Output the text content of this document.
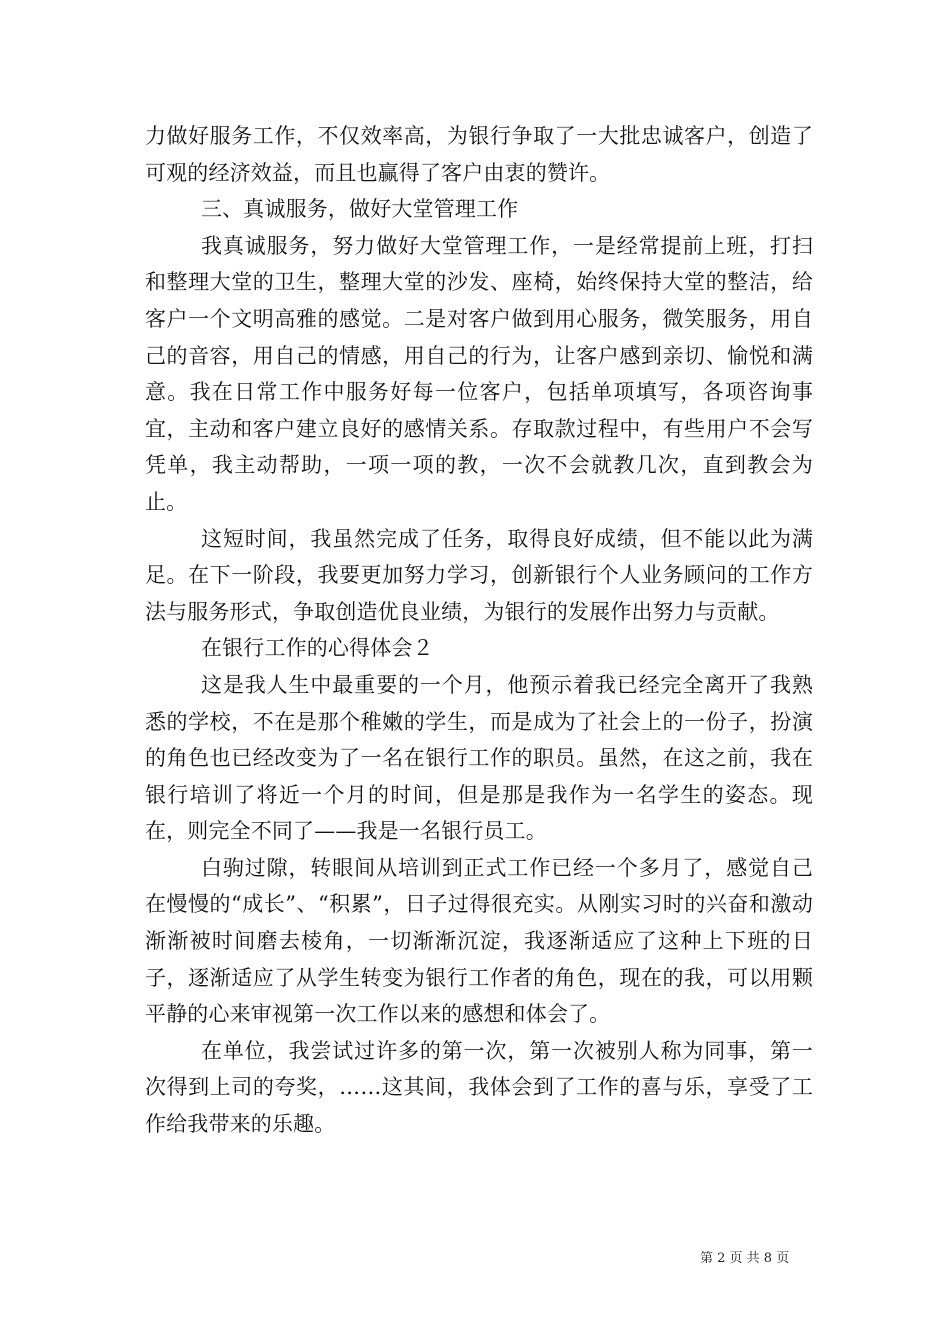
力做好服务工作，不仅效率高，为银行争取了一大批忠诚客户，创造了可观的经济效益，而且也赢得了客户由衷的赞许。

三、真诚服务，做好大堂管理工作

我真诚服务，努力做好大堂管理工作，一是经常提前上班，打扫和整理大堂的卫生，整理大堂的沙发、座椅，始终保持大堂的整洁，给客户一个文明高雅的感觉。二是对客户做到用心服务，微笑服务，用自己的音容，用自己的情感，用自己的行为，让客户感到亲切、愉悦和满意。我在日常工作中服务好每一位客户，包括单项填写，各项咨询事宜，主动和客户建立良好的感情关系。存取款过程中，有些用户不会写凭单，我主动帮助，一项一项的教，一次不会就教几次，直到教会为止。

这短时间，我虽然完成了任务，取得良好成绩，但不能以此为满足。在下一阶段，我要更加努力学习，创新银行个人业务顾问的工作方法与服务形式，争取创造优良业绩，为银行的发展作出努力与贡献。

在银行工作的心得体会２

这是我人生中最重要的一个月，他预示着我已经完全离开了我熟悉的学校，不在是那个稚嫩的学生，而是成为了社会上的一份子，扮演的角色也已经改变为了一名在银行工作的职员。虽然，在这之前，我在银行培训了将近一个月的时间，但是那是我作为一名学生的姿态。现在，则完全不同了——我是一名银行员工。

白驹过隙，转眼间从培训到正式工作已经一个多月了，感觉自己在慢慢的“成长”、“积累”，日子过得很充实。从刚实习时的兴奋和激动渐渐被时间磨去棱角，一切渐渐沉淀，我逐渐适应了这种上下班的日子，逐渐适应了从学生转变为银行工作者的角色，现在的我，可以用颗平静的心来审视第一次工作以来的感想和体会了。

在单位，我尝试过许多的第一次，第一次被别人称为同事，第一次得到上司的夸奖，……这其间，我体会到了工作的喜与乐，享受了工作给我带来的乐趣。

第 2 页 共 8 页
